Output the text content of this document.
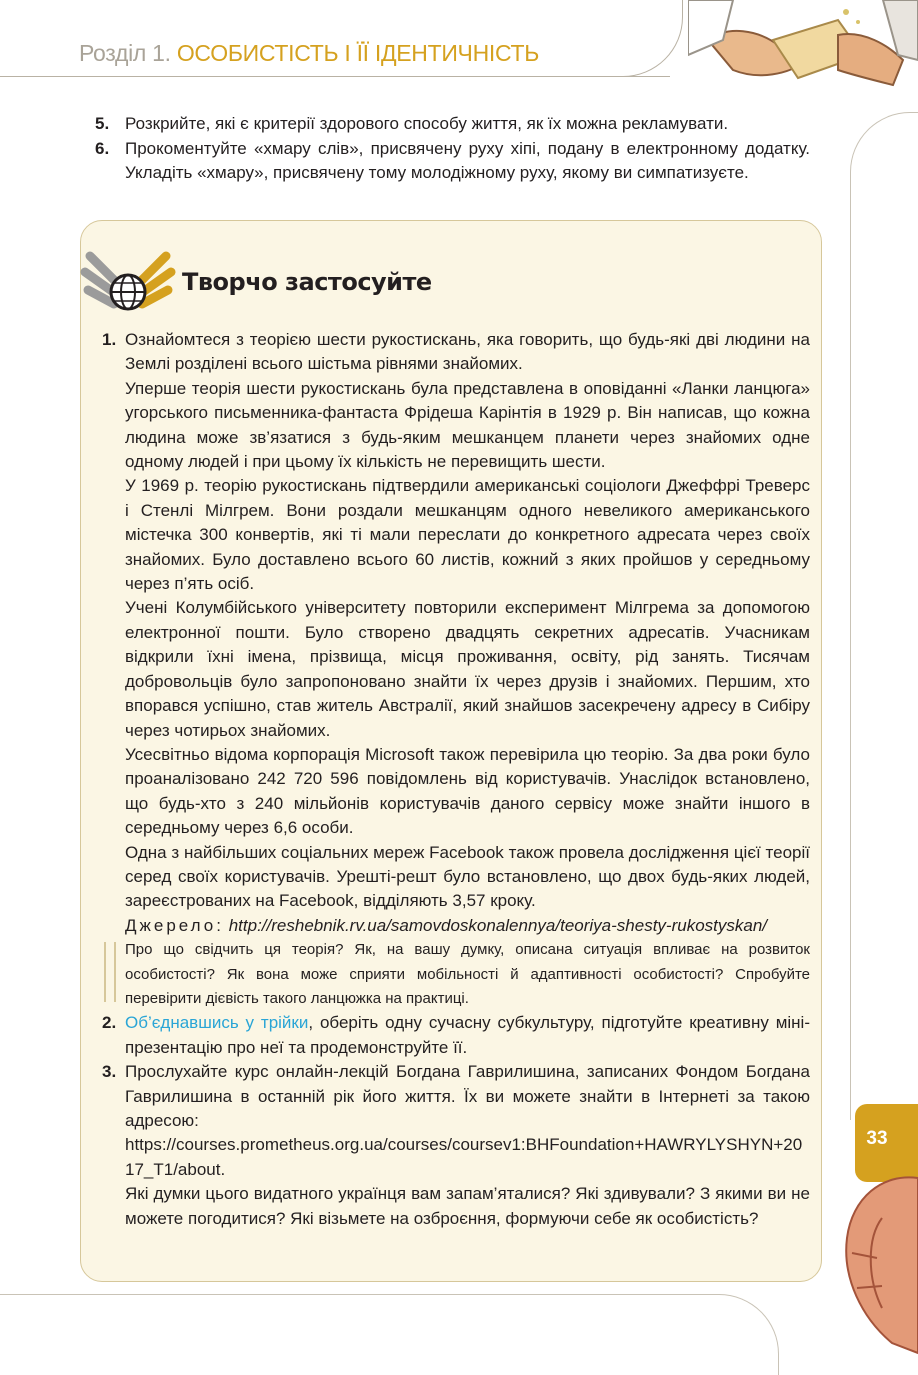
Розділ 1. ОСОБИСТІСТЬ І ЇЇ ІДЕНТИЧНІСТЬ
33
5. Розкрийте, які є критерії здорового способу життя, як їх можна рекламувати.
6. Прокоментуйте «хмару слів», присвячену руху хіпі, подану в електронному додатку. Укладіть «хмару», присвячену тому молодіжному руху, якому ви симпатизуєте.
Творчо застосуйте
1. Ознайомтеся з теорією шести рукостискань, яка говорить, що будь-які дві людини на Землі розділені всього шістьма рівнями знайомих.
Уперше теорія шести рукостискань була представлена в оповіданні «Ланки ланцюга» угорського письменника-фантаста Фрідеша Карінтія в 1929 р. Він написав, що кожна людина може зв’язатися з будь-яким мешканцем планети через знайомих одне одному людей і при цьому їх кількість не перевищить шести.
У 1969 р. теорію рукостискань підтвердили американські соціологи Джеффрі Треверс і Стенлі Мілгрем. Вони роздали мешканцям одного невеликого американського містечка 300 конвертів, які ті мали переслати до конкретного адресата через своїх знайомих. Було доставлено всього 60 листів, кожний з яких пройшов у середньому через п’ять осіб.
Учені Колумбійського університету повторили експеримент Мілгрема за допомогою електронної пошти. Було створено двадцять секретних адресатів. Учасникам відкрили їхні імена, прізвища, місця проживання, освіту, рід занять. Тисячам добровольців було запропоновано знайти їх через друзів і знайомих. Першим, хто впорався успішно, став житель Австралії, який знайшов засекречену адресу в Сибіру через чотирьох знайомих.
Усесвітньо відома корпорація Microsoft також перевірила цю теорію. За два роки було проаналізовано 242 720 596 повідомлень від користувачів. Унаслідок встановлено, що будь-хто з 240 мільйонів користувачів даного сервісу може знайти іншого в середньому через 6,6 особи.
Одна з найбільших соціальних мереж Facebook також провела дослідження цієї теорії серед своїх користувачів. Урешті-решт було встановлено, що двох будь-яких людей, зареєстрованих на Facebook, відділяють 3,57 кроку.
Джерело: http://reshebnik.rv.ua/samovdoskonalennya/teoriya-shesty-rukostyskan/
Про що свідчить ця теорія? Як, на вашу думку, описана ситуація впливає на розвиток особистості? Як вона може сприяти мобільності й адаптивності особистості? Спробуйте перевірити дієвість такого ланцюжка на практиці.
2. Об’єднавшись у трійки, оберіть одну сучасну субкультуру, підготуйте креативну міні-презентацію про неї та продемонструйте її.
3. Прослухайте курс онлайн-лекцій Богдана Гаврилишина, записаних Фондом Богдана Гаврилишина в останній рік його життя. Їх ви можете знайти в Інтернеті за такою адресою:
https://courses.prometheus.org.ua/courses/coursev1:BHFoundation+HAWRYLYSHYN+2017_T1/about.
Які думки цього видатного українця вам запам’яталися? Які здивували? З якими ви не можете погодитися? Які візьмете на озброєння, формуючи себе як особистість?
